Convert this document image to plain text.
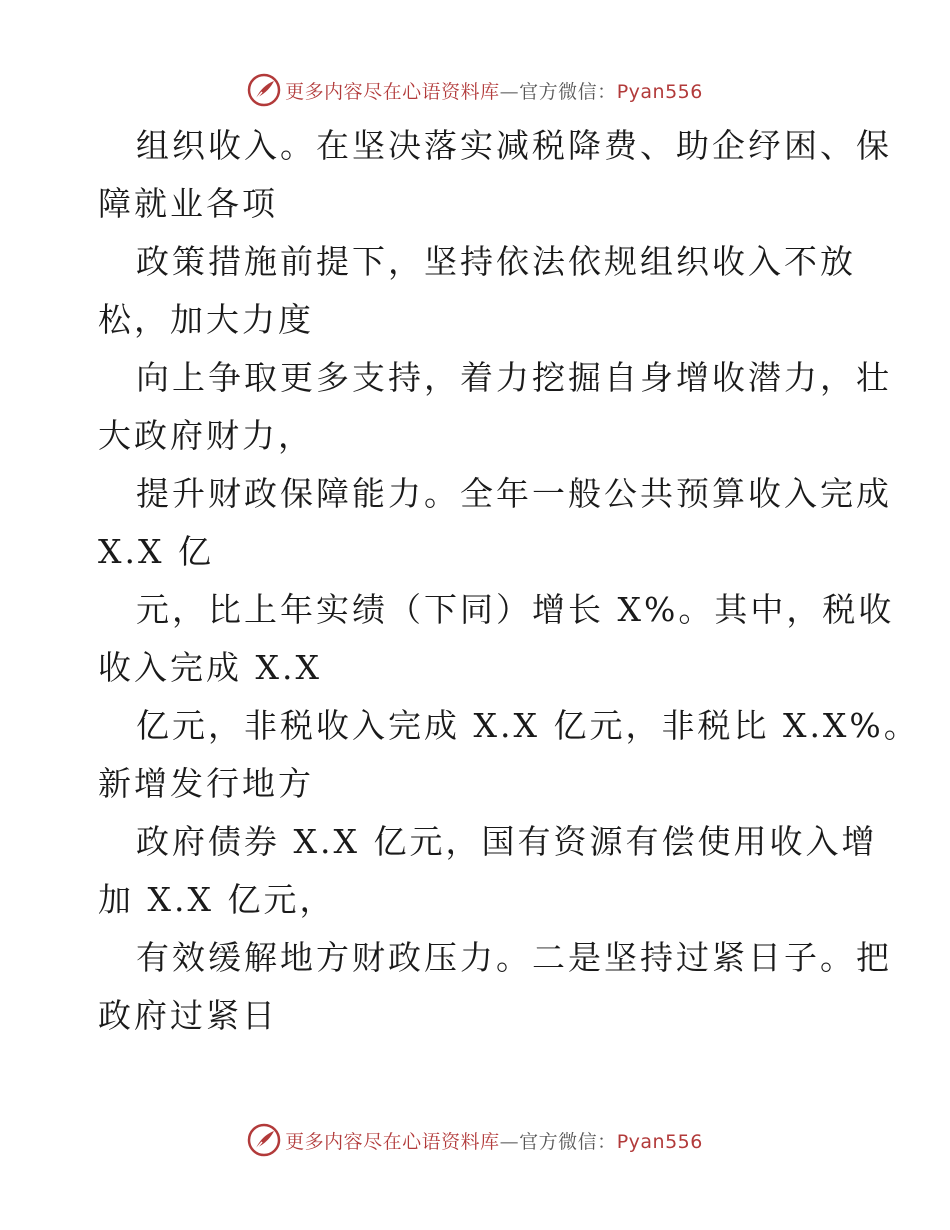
更多内容尽在心语资料库—官方微信：Pyan556

组织收入。在坚决落实减税降费、助企纾困、保
障就业各项

政策措施前提下，坚持依法依规组织收入不放
松，加大力度

向上争取更多支持，着力挖掘自身增收潜力，壮
大政府财力，

提升财政保障能力。全年一般公共预算收入完成
X.X 亿

元，比上年实绩（下同）增长 X%。其中，税收
收入完成 X.X

亿元，非税收入完成 X.X 亿元，非税比 X.X%。
新增发行地方

政府债券 X.X 亿元，国有资源有偿使用收入增
加 X.X 亿元，

有效缓解地方财政压力。二是坚持过紧日子。把
政府过紧日

更多内容尽在心语资料库—官方微信：Pyan556
